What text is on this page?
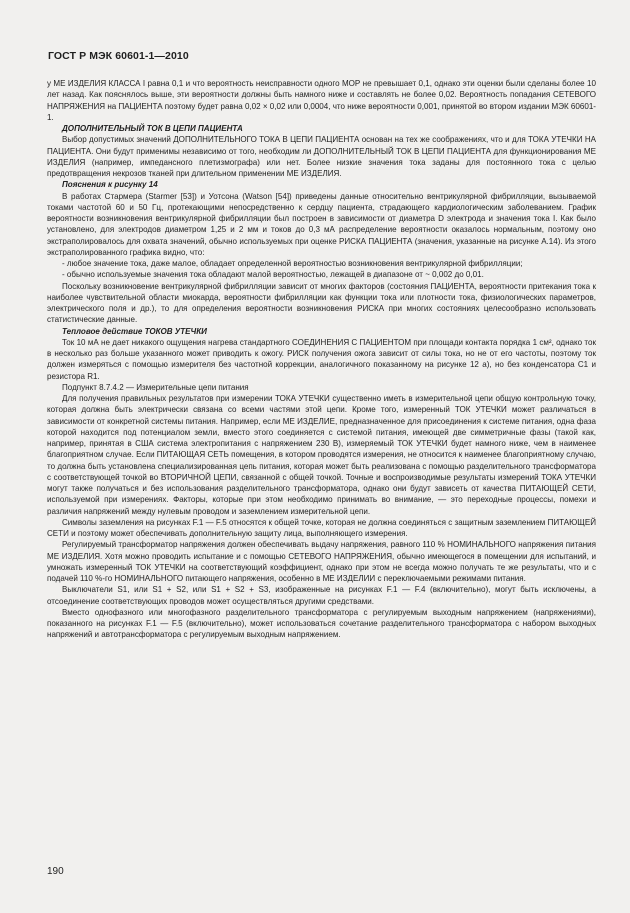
ГОСТ Р МЭК 60601-1—2010

у МЕ ИЗДЕЛИЯ КЛАССА I равна 0,1 и что вероятность неисправности одного МОР не превышает 0,1, однако эти оценки были сделаны более 10 лет назад. Как пояснялось выше, эти вероятности должны быть намного ниже и составлять не более 0,02. Вероятность попадания СЕТЕВОГО НАПРЯЖЕНИЯ на ПАЦИЕНТА поэтому будет равна 0,02 × 0,02 или 0,0004, что ниже вероятности 0,001, принятой во втором издании МЭК 60601-1.

ДОПОЛНИТЕЛЬНЫЙ ТОК В ЦЕПИ ПАЦИЕНТА

Выбор допустимых значений ДОПОЛНИТЕЛЬНОГО ТОКА В ЦЕПИ ПАЦИЕНТА основан на тех же соображениях, что и для ТОКА УТЕЧКИ НА ПАЦИЕНТА. Они будут применимы независимо от того, необходим ли ДОПОЛНИТЕЛЬНЫЙ ТОК В ЦЕПИ ПАЦИЕНТА для функционирования МЕ ИЗДЕЛИЯ (например, импедансного плетизмографа) или нет. Более низкие значения тока заданы для постоянного тока с целью предотвращения некрозов тканей при длительном применении МЕ ИЗДЕЛИЯ.

Пояснения к рисунку 14

В работах Стармера (Starmer [53]) и Уотсона (Watson [54]) приведены данные относительно вентрикулярной фибрилляции, вызываемой токами частотой 60 и 50 Гц, протекающими непосредственно к сердцу пациента, страдающего кардиологическим заболеванием. График вероятности возникновения вентрикулярной фибрилляции был построен в зависимости от диаметра D электрода и значения тока I. Как было установлено, для электродов диаметром 1,25 и 2 мм и токов до 0,3 мА распределение вероятности оказалось нормальным, поэтому оно экстраполировалось для охвата значений, обычно используемых при оценке РИСКА ПАЦИЕНТА (значения, указанные на рисунке А.14). Из этого экстраполированного графика видно, что:

- любое значение тока, даже малое, обладает определенной вероятностью возникновения вентрикулярной фибрилляции;

- обычно используемые значения тока обладают малой вероятностью, лежащей в диапазоне от ~ 0,002 до 0,01.

Поскольку возникновение вентрикулярной фибрилляции зависит от многих факторов (состояния ПАЦИЕНТА, вероятности притекания тока к наиболее чувствительной области миокарда, вероятности фибрилляции как функции тока или плотности тока, физиологических параметров, электрического поля и др.), то для определения вероятности возникновения РИСКА при многих состояниях целесообразно использовать статистические данные.

Тепловое действие ТОКОВ УТЕЧКИ

Ток 10 мА не дает никакого ощущения нагрева стандартного СОЕДИНЕНИЯ С ПАЦИЕНТОМ при площади контакта порядка 1 см², однако ток в несколько раз больше указанного может приводить к ожогу. РИСК получения ожога зависит от силы тока, но не от его частоты, поэтому ток должен измеряться с помощью измерителя без частотной коррекции, аналогичного показанному на рисунке 12 а), но без конденсатора С1 и резистора R1.

Подпункт 8.7.4.2 — Измерительные цепи питания

Для получения правильных результатов при измерении ТОКА УТЕЧКИ существенно иметь в измерительной цепи общую контрольную точку, которая должна быть электрически связана со всеми частями этой цепи. Кроме того, измеренный ТОК УТЕЧКИ может различаться в зависимости от конкретной системы питания. Например, если МЕ ИЗДЕЛИЕ, предназначенное для присоединения к системе питания, одна фаза которой находится под потенциалом земли, вместо этого соединяется с системой питания, имеющей две симметричные фазы (такой как, например, принятая в США система электропитания с напряжением 230 В), измеряемый ТОК УТЕЧКИ будет намного ниже, чем в наименее благоприятном случае. Если ПИТАЮЩАЯ СЕТЬ помещения, в котором проводятся измерения, не относится к наименее благоприятному случаю, то должна быть установлена специализированная цепь питания, которая может быть реализована с помощью разделительного трансформатора с соответствующей точкой во ВТОРИЧНОЙ ЦЕПИ, связанной с общей точкой. Точные и воспроизводимые результаты измерений ТОКА УТЕЧКИ могут также получаться и без использования разделительного трансформатора, однако они будут зависеть от качества ПИТАЮЩЕЙ СЕТИ, используемой при измерениях. Факторы, которые при этом необходимо принимать во внимание, — это переходные процессы, помехи и различия напряжений между нулевым проводом и заземлением измерительной цепи.

Символы заземления на рисунках F.1 — F.5 относятся к общей точке, которая не должна соединяться с защитным заземлением ПИТАЮЩЕЙ СЕТИ и поэтому может обеспечивать дополнительную защиту лица, выполняющего измерения.

Регулируемый трансформатор напряжения должен обеспечивать выдачу напряжения, равного 110 % НОМИНАЛЬНОГО напряжения питания МЕ ИЗДЕЛИЯ. Хотя можно проводить испытание и с помощью СЕТЕВОГО НАПРЯЖЕНИЯ, обычно имеющегося в помещении для испытаний, и умножать измеренный ТОК УТЕЧКИ на соответствующий коэффициент, однако при этом не всегда можно получать те же результаты, что и с подачей 110 %-го НОМИНАЛЬНОГО питающего напряжения, особенно в МЕ ИЗДЕЛИИ с переключаемыми режимами питания.

Выключатели S1, или S1 + S2, или S1 + S2 + S3, изображенные на рисунках F.1 — F.4 (включительно), могут быть исключены, а отсоединение соответствующих проводов может осуществляться другими средствами.

Вместо однофазного или многофазного разделительного трансформатора с регулируемым выходным напряжением (напряжениями), показанного на рисунках F.1 — F.5 (включительно), может использоваться сочетание разделительного трансформатора с набором выходных напряжений и автотрансформатора с регулируемым выходным напряжением.

190
